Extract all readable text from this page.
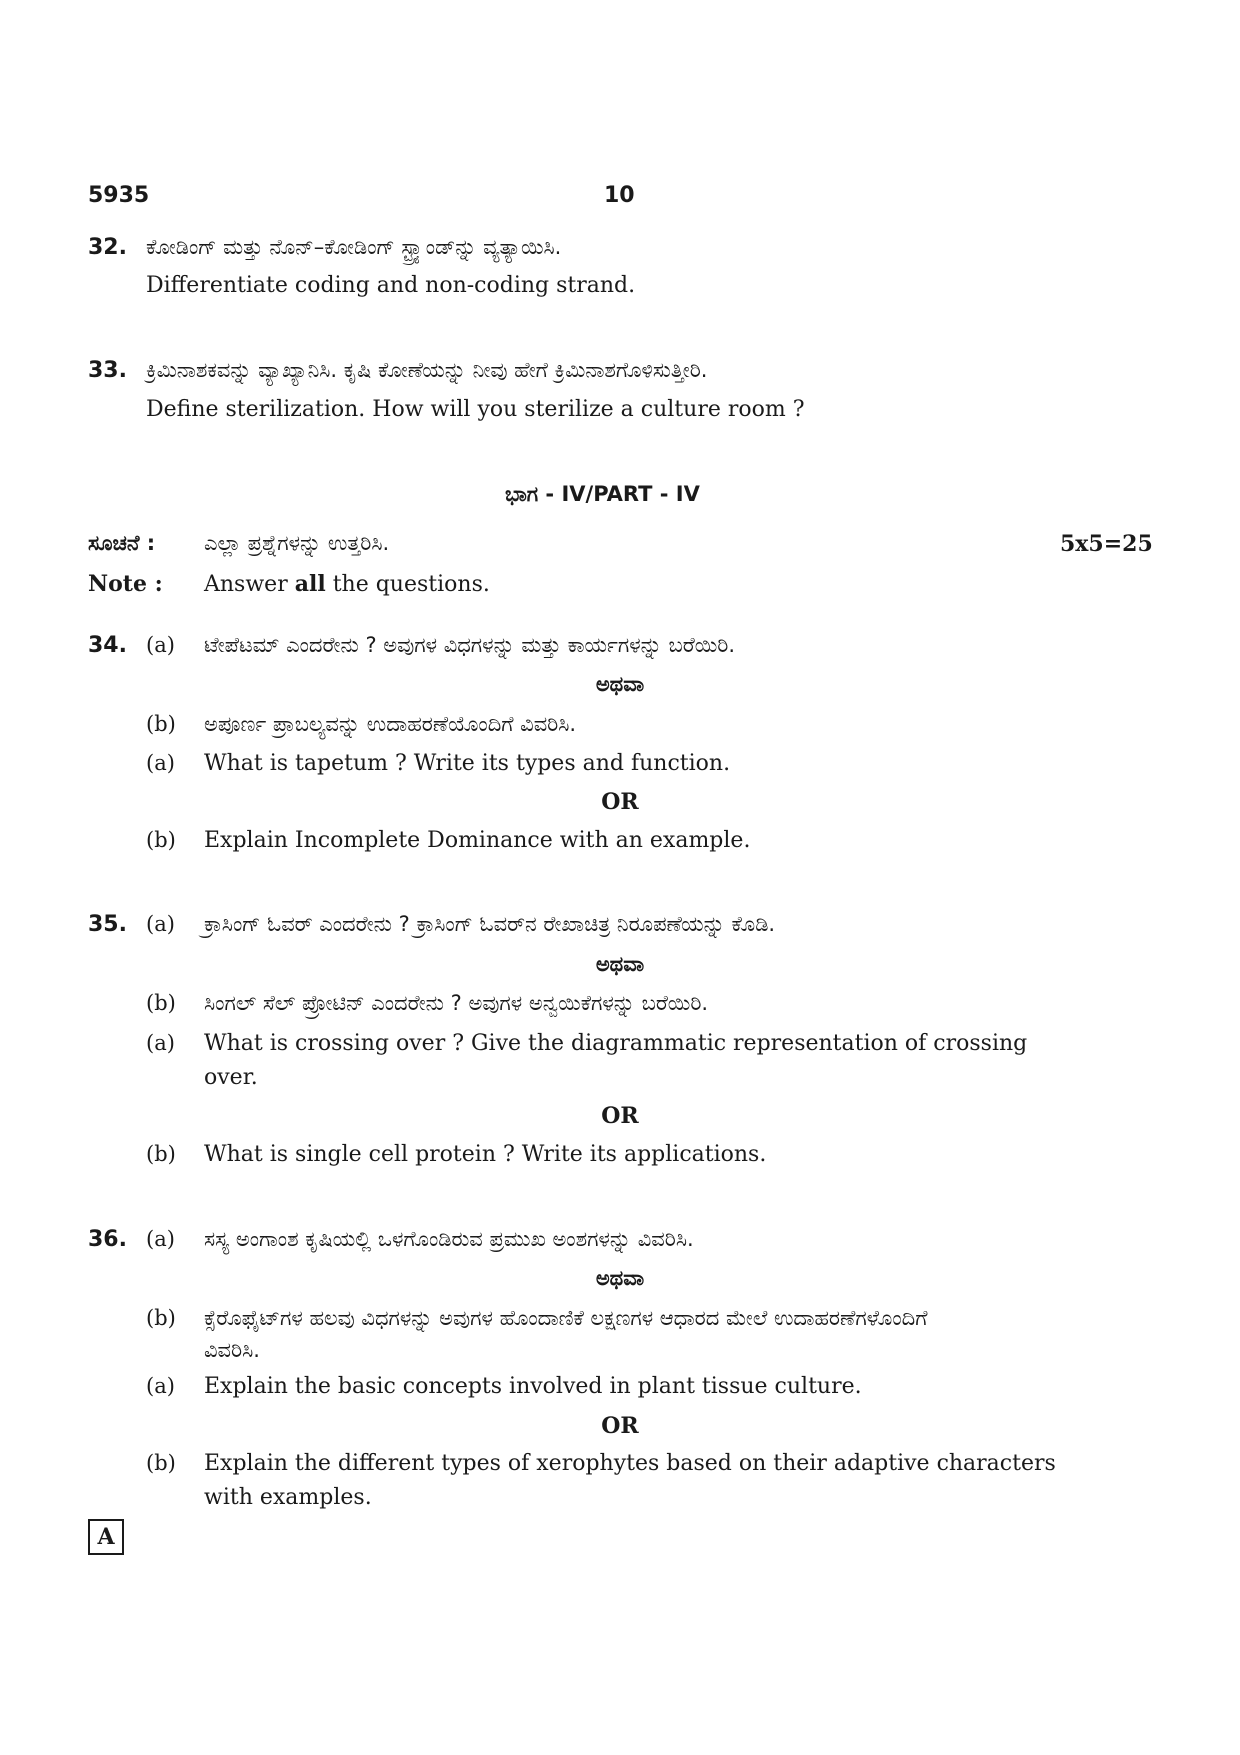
5935	10
32. ಕೋಡಿಂಗ್ ಮತ್ತು ನೊನ್–ಕೋಡಿಂಗ್ ಸ್ಟ್ರ್ಯಾಂಡ್‌ನ್ನು ವ್ಯತ್ಯಾಯಿಸಿ.
Differentiate coding and non-coding strand.
33. ಕ್ರಿಮಿನಾಶಕವನ್ನು ವ್ಯಾಖ್ಯಾನಿಸಿ. ಕೃಷಿ ಕೋಣೆಯನ್ನು ನೀವು ಹೇಗೆ ಕ್ರಿಮಿನಾಶಗೊಳಿಸುತ್ತೀರಿ.
Define sterilization. How will you sterilize a culture room ?
ಭಾಗ - IV/PART - IV
ಸೂಚನೆ : ಎಲ್ಲಾ ಪ್ರಶ್ನೆಗಳನ್ನು ಉತ್ತರಿಸಿ.	5x5=25
Note : Answer all the questions.
34. (a) ಟೇಪೆಟಮ್ ಎಂದರೇನು ? ಅವುಗಳ ವಿಧಗಳನ್ನು ಮತ್ತು ಕಾರ್ಯಗಳನ್ನು ಬರೆಯಿರಿ.
ಅಥವಾ
(b) ಅಪೂರ್ಣ ಪ್ರಾಬಲ್ಯವನ್ನು ಉದಾಹರಣೆಯೊಂದಿಗೆ ವಿವರಿಸಿ.
(a) What is tapetum ? Write its types and function.
OR
(b) Explain Incomplete Dominance with an example.
35. (a) ಕ್ರಾಸಿಂಗ್ ಓವರ್ ಎಂದರೇನು ? ಕ್ರಾಸಿಂಗ್ ಓವರ್‌ನ ರೇಖಾಚಿತ್ರ ನಿರೂಪಣೆಯನ್ನು ಕೊಡಿ.
ಅಥವಾ
(b) ಸಿಂಗಲ್ ಸೆಲ್ ಪ್ರೋಟಿನ್ ಎಂದರೇನು ? ಅವುಗಳ ಅನ್ವಯಿಕೆಗಳನ್ನು ಬರೆಯಿರಿ.
(a) What is crossing over ? Give the diagrammatic representation of crossing
over.
OR
(b) What is single cell protein ? Write its applications.
36. (a) ಸಸ್ಯ ಅಂಗಾಂಶ ಕೃಷಿಯಲ್ಲಿ ಒಳಗೊಂಡಿರುವ ಪ್ರಮುಖ ಅಂಶಗಳನ್ನು ವಿವರಿಸಿ.
ಅಥವಾ
(b) ಕ್ಸೆರೊಫೈಟ್‌ಗಳ ಹಲವು ವಿಧಗಳನ್ನು ಅವುಗಳ ಹೊಂದಾಣಿಕೆ ಲಕ್ಷಣಗಳ ಆಧಾರದ ಮೇಲೆ ಉದಾಹರಣೆಗಳೊಂದಿಗೆ
ವಿವರಿಸಿ.
(a) Explain the basic concepts involved in plant tissue culture.
OR
(b) Explain the different types of xerophytes based on their adaptive characters
with examples.
A
